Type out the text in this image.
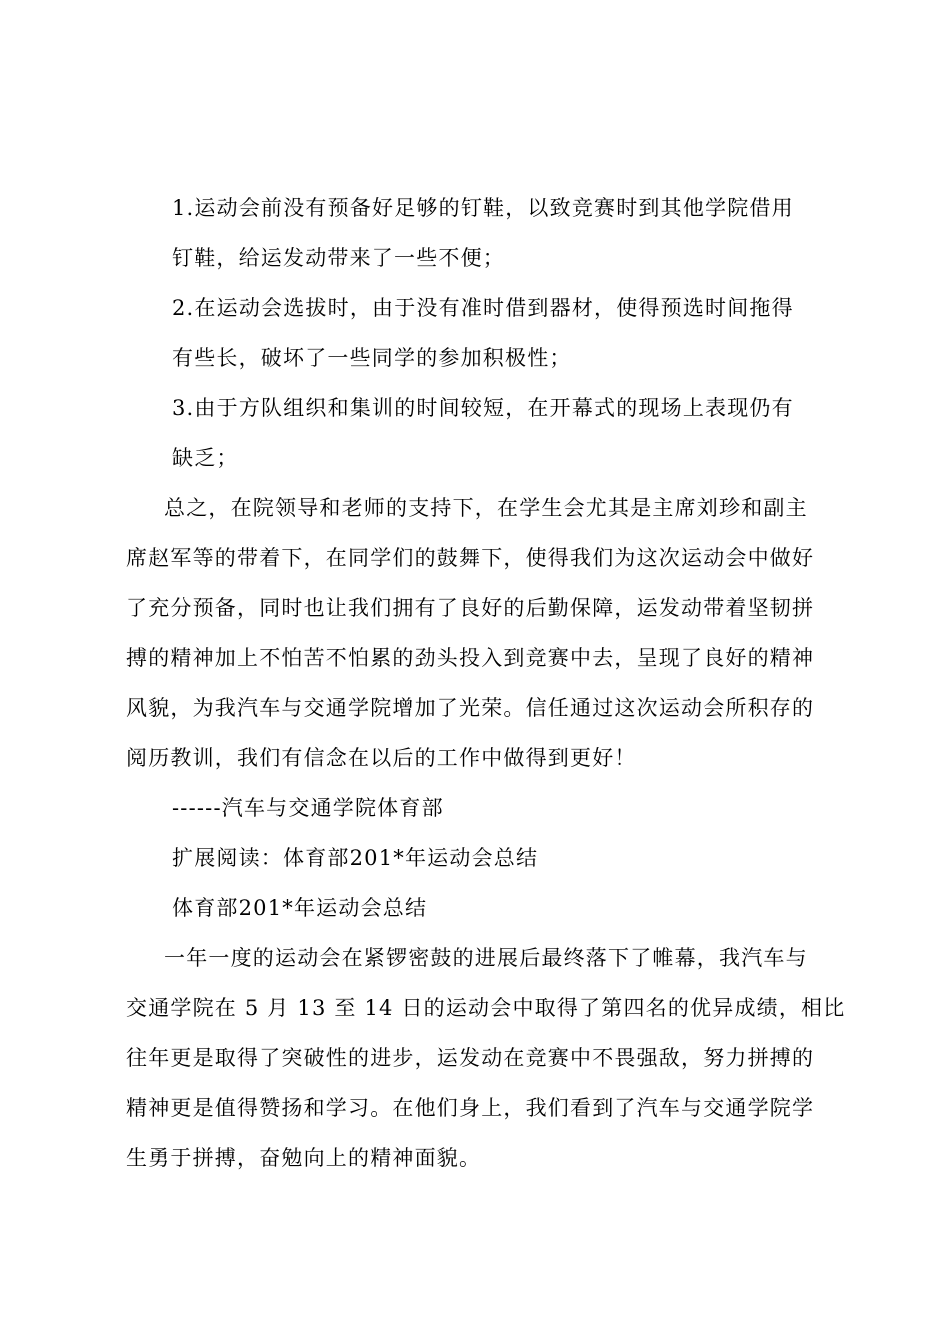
1.运动会前没有预备好足够的钉鞋，以致竞赛时到其他学院借用
钉鞋，给运发动带来了一些不便；
2.在运动会选拔时，由于没有准时借到器材，使得预选时间拖得
有些长，破坏了一些同学的参加积极性；
3.由于方队组织和集训的时间较短，在开幕式的现场上表现仍有
缺乏；
总之，在院领导和老师的支持下，在学生会尤其是主席刘珍和副主
席赵军等的带着下，在同学们的鼓舞下，使得我们为这次运动会中做好
了充分预备，同时也让我们拥有了良好的后勤保障，运发动带着坚韧拼
搏的精神加上不怕苦不怕累的劲头投入到竞赛中去，呈现了良好的精神
风貌，为我汽车与交通学院增加了光荣。信任通过这次运动会所积存的
阅历教训，我们有信念在以后的工作中做得到更好！
------汽车与交通学院体育部
扩展阅读：体育部201*年运动会总结
体育部201*年运动会总结
一年一度的运动会在紧锣密鼓的进展后最终落下了帷幕，我汽车与
交通学院在 5 月 13 至 14 日的运动会中取得了第四名的优异成绩，相比
往年更是取得了突破性的进步，运发动在竞赛中不畏强敌，努力拼搏的
精神更是值得赞扬和学习。在他们身上，我们看到了汽车与交通学院学
生勇于拼搏，奋勉向上的精神面貌。
